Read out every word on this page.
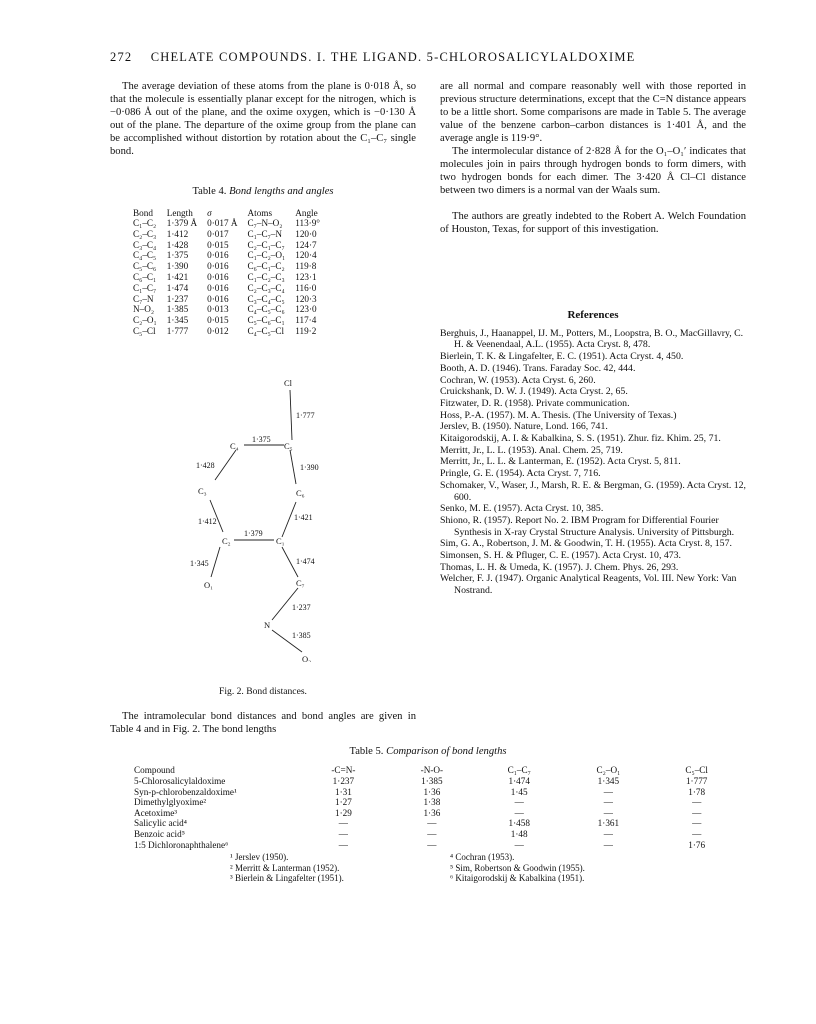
272 CHELATE COMPOUNDS. I. THE LIGAND. 5-CHLOROSALICYLALDOXIME

The average deviation of these atoms from the plane is 0·018 Å, so that the molecule is essentially planar except for the nitrogen, which is −0·086 Å out of the plane, and the oxime oxygen, which is −0·130 Å out of the plane. The departure of the oxime group from the plane can be accomplished without distortion by rotation about the C₁–C₇ single bond.

Table 4. Bond lengths and angles
Bond	Length	σ	Atoms	Angle
C₁–C₂	1·379 Å	0·017 Å	C₇–N–O₂	113·9°
C₂–C₃	1·412	0·017	C₁–C₇–N	120·0
C₃–C₄	1·428	0·015	C₂–C₁–C₇	124·7
C₄–C₅	1·375	0·016	C₁–C₂–O₁	120·4
C₅–C₆	1·390	0·016	C₆–C₁–C₂	119·8
C₆–C₁	1·421	0·016	C₁–C₂–C₃	123·1
C₁–C₇	1·474	0·016	C₂–C₃–C₄	116·0
C₇–N	1·237	0·016	C₃–C₄–C₅	120·3
N–O₂	1·385	0·013	C₄–C₅–C₆	123·0
C₂–O₁	1·345	0·015	C₅–C₆–C₁	117·4
C₅–Cl	1·777	0·012	C₄–C₅–Cl	119·2
Cl
C₅
C₄
C₃	C₆
C₂	C₁
O₁	C₇
N
O₂
1·777
1·375
1·428	1·390
1·412	1·421
1·379
1·345	1·474
1·237
1·385
Fig. 2. Bond distances.

The intramolecular bond distances and bond angles are given in Table 4 and in Fig. 2. The bond lengths

are all normal and compare reasonably well with those reported in previous structure determinations, except that the C=N distance appears to be a little short. Some comparisons are made in Table 5. The average value of the benzene carbon–carbon distances is 1·401 Å, and the average angle is 119·9°.

The intermolecular distance of 2·828 Å for the O₁–O₁′ indicates that molecules join in pairs through hydrogen bonds to form dimers, with two hydrogen bonds for each dimer. The 3·420 Å Cl–Cl distance between two dimers is a normal van der Waals sum.

The authors are greatly indebted to the Robert A. Welch Foundation of Houston, Texas, for support of this investigation.

References
Berghuis, J., Haanappel, IJ. M., Potters, M., Loopstra, B. O., MacGillavry, C. H. & Veenendaal, A.L. (1955). Acta Cryst. 8, 478.
Bierlein, T. K. & Lingafelter, E. C. (1951). Acta Cryst. 4, 450.
Booth, A. D. (1946). Trans. Faraday Soc. 42, 444.
Cochran, W. (1953). Acta Cryst. 6, 260.
Cruickshank, D. W. J. (1949). Acta Cryst. 2, 65.
Fitzwater, D. R. (1958). Private communication.
Hoss, P.-A. (1957). M. A. Thesis. (The University of Texas.)
Jerslev, B. (1950). Nature, Lond. 166, 741.
Kitaigorodskij, A. I. & Kabalkina, S. S. (1951). Zhur. fiz. Khim. 25, 71.
Merritt, Jr., L. L. (1953). Anal. Chem. 25, 719.
Merritt, Jr., L. L. & Lanterman, E. (1952). Acta Cryst. 5, 811.
Pringle, G. E. (1954). Acta Cryst. 7, 716.
Schomaker, V., Waser, J., Marsh, R. E. & Bergman, G. (1959). Acta Cryst. 12, 600.
Senko, M. E. (1957). Acta Cryst. 10, 385.
Shiono, R. (1957). Report No. 2. IBM Program for Differential Fourier Synthesis in X-ray Crystal Structure Analysis. University of Pittsburgh.
Sim, G. A., Robertson, J. M. & Goodwin, T. H. (1955). Acta Cryst. 8, 157.
Simonsen, S. H. & Pfluger, C. E. (1957). Acta Cryst. 10, 473.
Thomas, L. H. & Umeda, K. (1957). J. Chem. Phys. 26, 293.
Welcher, F. J. (1947). Organic Analytical Reagents, Vol. III. New York: Van Nostrand.
Table 5. Comparison of bond lengths
Compound	-C=N-	-N-O-	C₁–C₇	C₂–O₁	C₅–Cl
5-Chlorosalicylaldoxime	1·237	1·385	1·474	1·345	1·777
Syn-p-chlorobenzaldoxime¹	1·31	1·36	1·45	—	1·78
Dimethylglyoxime²	1·27	1·38	—	—	—
Acetoxime³	1·29	1·36	—	—	—
Salicylic acid⁴	—	—	1·458	1·361	—
Benzoic acid⁵	—	—	1·48	—	—
1:5 Dichloronaphthalene⁶	—	—	—	—	1·76
¹ Jerslev (1950).
² Merritt & Lanterman (1952).
³ Bierlein & Lingafelter (1951).
⁴ Cochran (1953).
⁵ Sim, Robertson & Goodwin (1955).
⁶ Kitaigorodskij & Kabalkina (1951).
